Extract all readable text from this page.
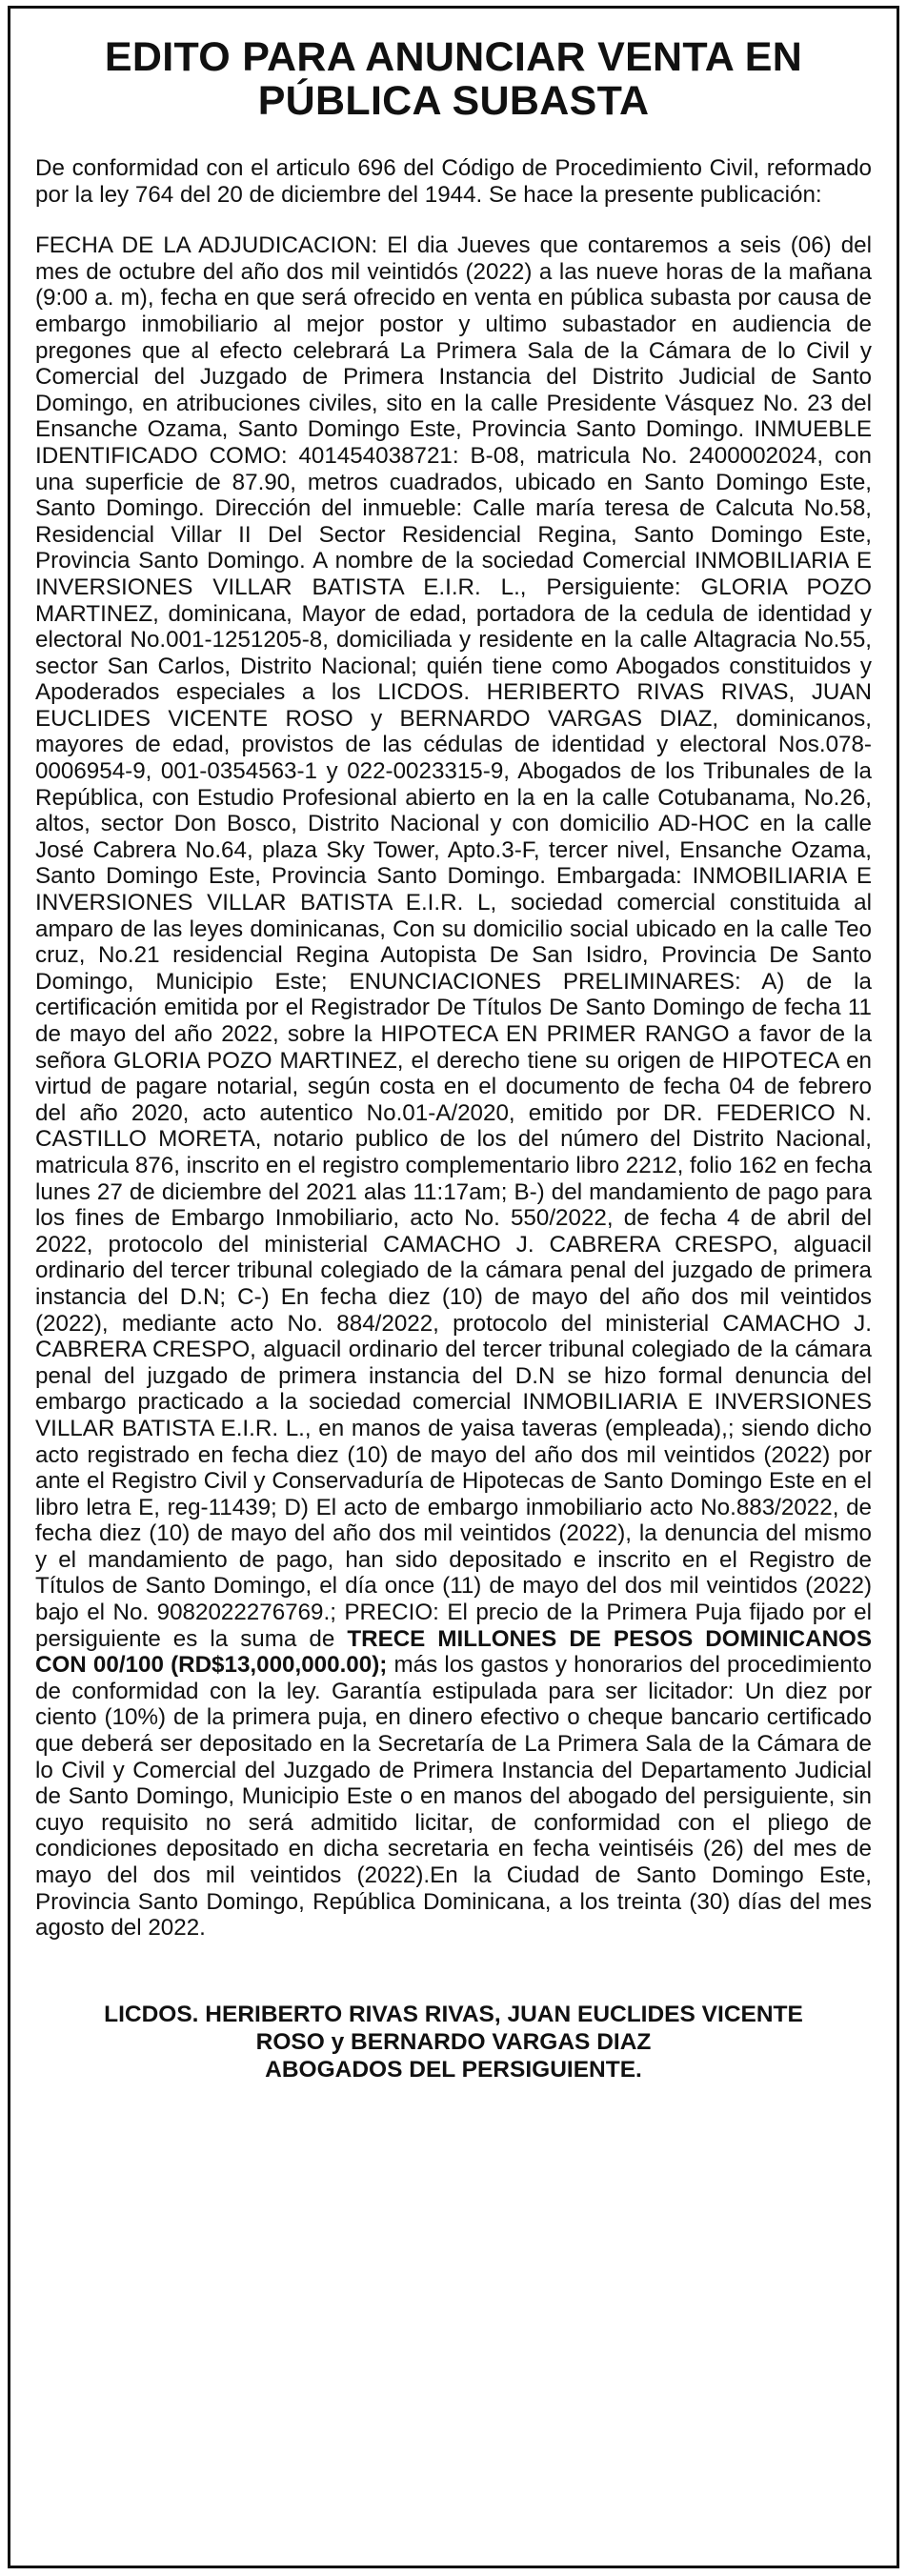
EDITO PARA ANUNCIAR VENTA EN
PÚBLICA SUBASTA

De conformidad con el articulo 696 del Código de Procedimiento Civil, reformado por la ley 764 del 20 de diciembre del 1944. Se hace la presente publicación:

FECHA DE LA ADJUDICACION: El dia Jueves que contaremos a seis (06) del mes de octubre del año dos mil veintidós (2022) a las nueve horas de la mañana (9:00 a. m), fecha en que será ofrecido en venta en pública subasta por causa de embargo inmobiliario al mejor postor y ultimo subastador en audiencia de pregones que al efecto celebrará La Primera Sala de la Cámara de lo Civil y Comercial del Juzgado de Primera Instancia del Distrito Judicial de Santo Domingo, en atribuciones civiles, sito en la calle Presidente Vásquez No. 23 del Ensanche Ozama, Santo Domingo Este, Provincia Santo Domingo. INMUEBLE IDENTIFICADO COMO: 401454038721: B-08, matricula No. 2400002024, con una superficie de 87.90, metros cuadrados, ubicado en Santo Domingo Este, Santo Domingo. Dirección del inmueble: Calle maría teresa de Calcuta No.58, Residencial Villar II Del Sector Residencial Regina, Santo Domingo Este, Provincia Santo Domingo. A nombre de la sociedad Comercial INMOBILIARIA E INVERSIONES VILLAR BATISTA E.I.R. L., Persiguiente: GLORIA POZO MARTINEZ, dominicana, Mayor de edad, portadora de la cedula de identidad y electoral No.001-1251205-8, domiciliada y residente en la calle Altagracia No.55, sector San Carlos, Distrito Nacional; quién tiene como Abogados constituidos y Apoderados especiales a los LICDOS. HERIBERTO RIVAS RIVAS, JUAN EUCLIDES VICENTE ROSO y BERNARDO VARGAS DIAZ, dominicanos, mayores de edad, provistos de las cédulas de identidad y electoral Nos.078-0006954-9, 001-0354563-1 y 022-0023315-9, Abogados de los Tribunales de la República, con Estudio Profesional abierto en la en la calle Cotubanama, No.26, altos, sector Don Bosco, Distrito Nacional y con domicilio AD-HOC en la calle José Cabrera No.64, plaza Sky Tower, Apto.3-F, tercer nivel, Ensanche Ozama, Santo Domingo Este, Provincia Santo Domingo. Embargada: INMOBILIARIA E INVERSIONES VILLAR BATISTA E.I.R. L, sociedad comercial constituida al amparo de las leyes dominicanas, Con su domicilio social ubicado en la calle Teo cruz, No.21 residencial Regina Autopista De San Isidro, Provincia De Santo Domingo, Municipio Este; ENUNCIACIONES PRELIMINARES: A) de la certificación emitida por el Registrador De Títulos De Santo Domingo de fecha 11 de mayo del año 2022, sobre la HIPOTECA EN PRIMER RANGO a favor de la señora GLORIA POZO MARTINEZ, el derecho tiene su origen de HIPOTECA en virtud de pagare notarial, según costa en el documento de fecha 04 de febrero del año 2020, acto autentico No.01-A/2020, emitido por DR. FEDERICO N. CASTILLO MORETA, notario publico de los del número del Distrito Nacional, matricula 876, inscrito en el registro complementario libro 2212, folio 162 en fecha lunes 27 de diciembre del 2021 alas 11:17am; B-) del mandamiento de pago para los fines de Embargo Inmobiliario, acto No. 550/2022, de fecha 4 de abril del 2022, protocolo del ministerial CAMACHO J. CABRERA CRESPO, alguacil ordinario del tercer tribunal colegiado de la cámara penal del juzgado de primera instancia del D.N; C-) En fecha diez (10) de mayo del año dos mil veintidos (2022), mediante acto No. 884/2022, protocolo del ministerial CAMACHO J. CABRERA CRESPO, alguacil ordinario del tercer tribunal colegiado de la cámara penal del juzgado de primera instancia del D.N se hizo formal denuncia del embargo practicado a la sociedad comercial INMOBILIARIA E INVERSIONES VILLAR BATISTA E.I.R. L., en manos de yaisa taveras (empleada),; siendo dicho acto registrado en fecha diez (10) de mayo del año dos mil veintidos (2022) por ante el Registro Civil y Conservaduría de Hipotecas de Santo Domingo Este en el libro letra E, reg-11439; D) El acto de embargo inmobiliario acto No.883/2022, de fecha diez (10) de mayo del año dos mil veintidos (2022), la denuncia del mismo y el mandamiento de pago, han sido depositado e inscrito en el Registro de Títulos de Santo Domingo, el día once (11) de mayo del dos mil veintidos (2022) bajo el No. 9082022276769.; PRECIO: El precio de la Primera Puja fijado por el persiguiente es la suma de TRECE MILLONES DE PESOS DOMINICANOS CON 00/100 (RD$13,000,000.00); más los gastos y honorarios del procedimiento de conformidad con la ley. Garantía estipulada para ser licitador: Un diez por ciento (10%) de la primera puja, en dinero efectivo o cheque bancario certificado que deberá ser depositado en la Secretaría de La Primera Sala de la Cámara de lo Civil y Comercial del Juzgado de Primera Instancia del Departamento Judicial de Santo Domingo, Municipio Este o en manos del abogado del persiguiente, sin cuyo requisito no será admitido licitar, de conformidad con el pliego de condiciones depositado en dicha secretaria en fecha veintiséis (26) del mes de mayo del dos mil veintidos (2022).En la Ciudad de Santo Domingo Este, Provincia Santo Domingo, República Dominicana, a los treinta (30) días del mes agosto del 2022.

LICDOS. HERIBERTO RIVAS RIVAS, JUAN EUCLIDES VICENTE
ROSO y BERNARDO VARGAS DIAZ
ABOGADOS DEL PERSIGUIENTE.
